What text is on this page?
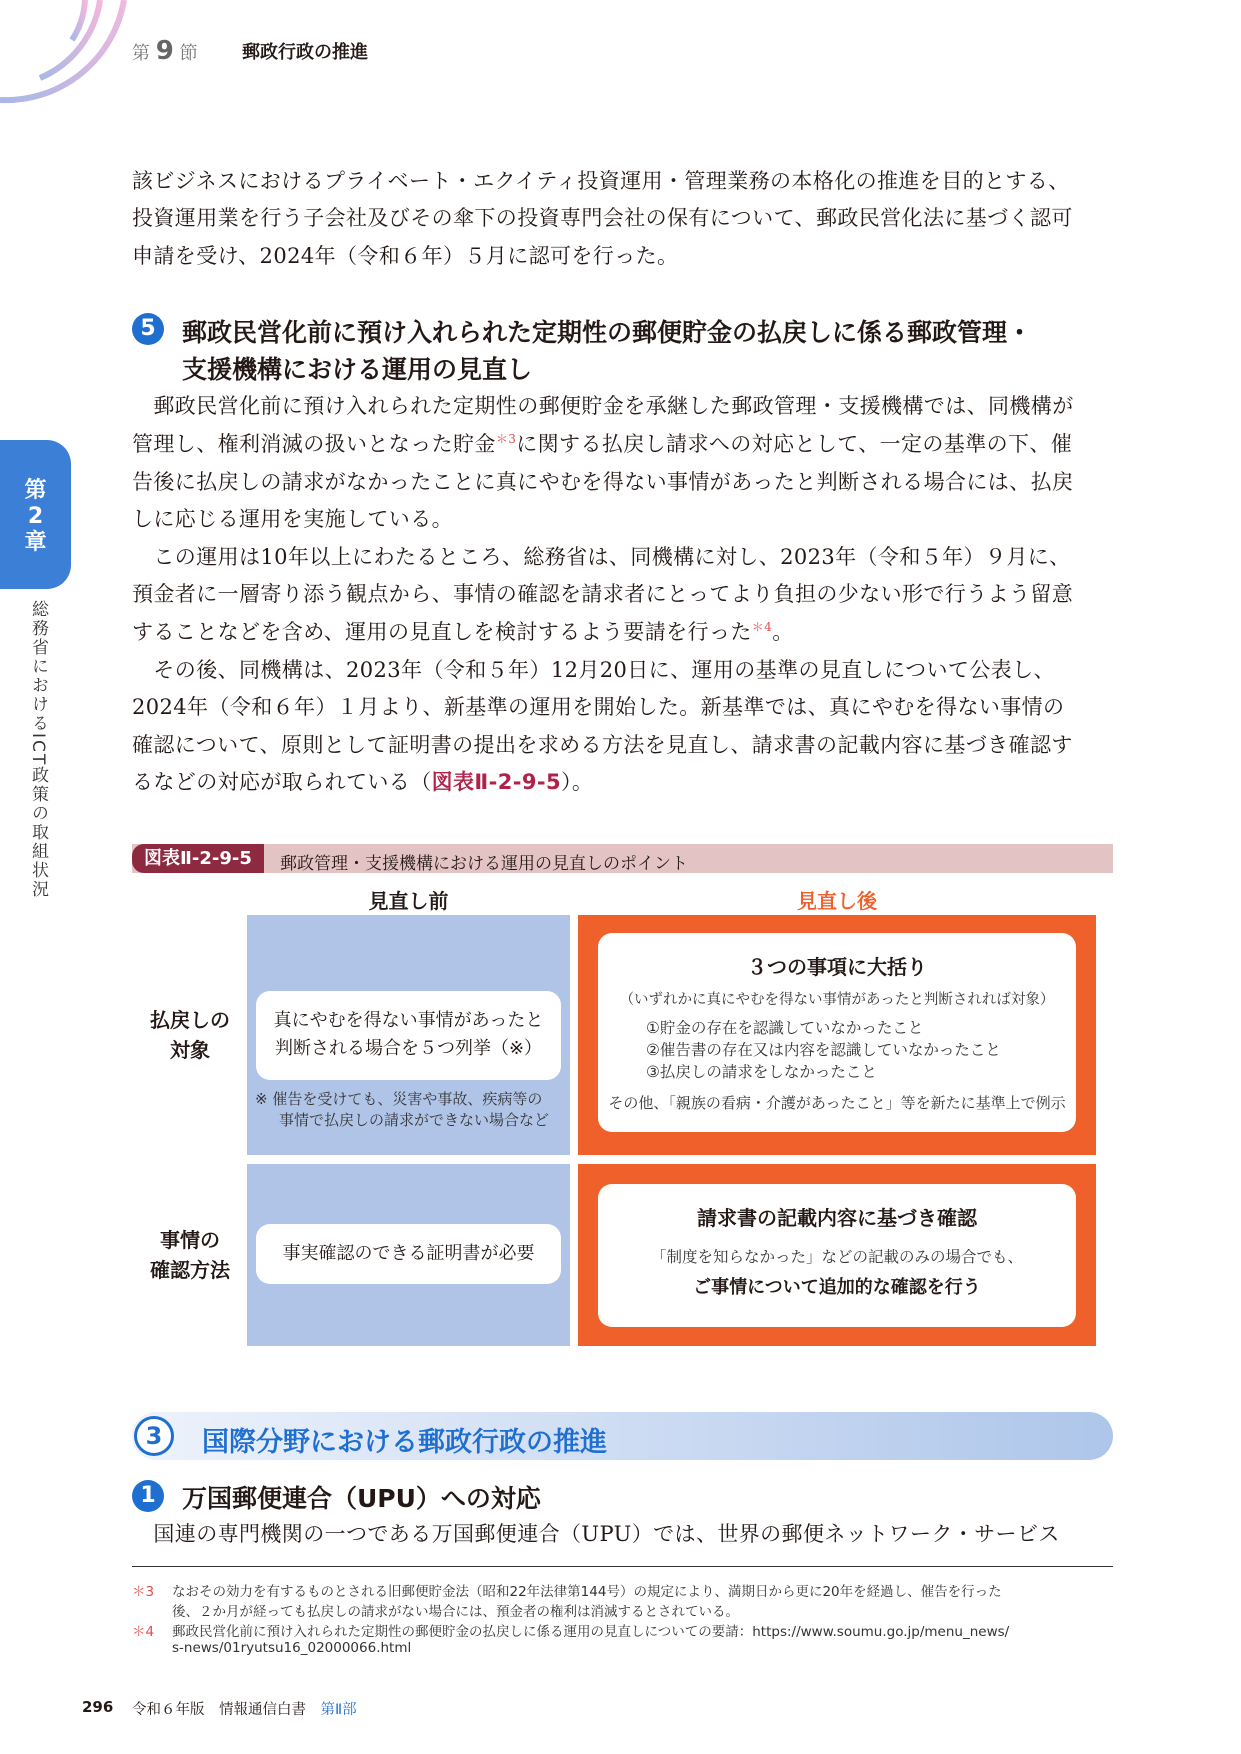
第 9 節 郵政行政の推進
該ビジネスにおけるプライベート・エクイティ投資運用・管理業務の本格化の推進を目的とする、
投資運用業を行う子会社及びその傘下の投資専門会社の保有について、郵政民営化法に基づく認可
申請を受け、2024年（令和６年）５月に認可を行った。
5	郵政民営化前に預け入れられた定期性の郵便貯金の払戻しに係る郵政管理・
支援機構における運用の見直し
　郵政民営化前に預け入れられた定期性の郵便貯金を承継した郵政管理・支援機構では、同機構が
管理し、権利消滅の扱いとなった貯金$^{*3}$に関する払戻し請求への対応として、一定の基準の下、催
告後に払戻しの請求がなかったことに真にやむを得ない事情があったと判断される場合には、払戻
しに応じる運用を実施している。
　この運用は10年以上にわたるところ、総務省は、同機構に対し、2023年（令和５年）９月に、
預金者に一層寄り添う観点から、事情の確認を請求者にとってより負担の少ない形で行うよう留意
することなどを含め、運用の見直しを検討するよう要請を行った$^{*4}$。
　その後、同機構は、2023年（令和５年）12月20日に、運用の基準の見直しについて公表し、
2024年（令和６年）１月より、新基準の運用を開始した。新基準では、真にやむを得ない事情の
確認について、原則として証明書の提出を求める方法を見直し、請求書の記載内容に基づき確認す
るなどの対応が取られている（図表Ⅱ-2-9-5）。
第
2
章
総務省におけるICT政策の取組状況	図表Ⅱ-2-9-5	郵政管理・支援機構における運用の見直しのポイント
見直し前	見直し後
払戻しの
対象
事情の
確認方法
真にやむを得ない事情があったと
判断される場合を５つ列挙（※）
※ 催告を受けても、災害や事故、疾病等の
事情で払戻しの請求ができない場合など
３つの事項に大括り
（いずれかに真にやむを得ない事情があったと判断されれば対象）
①貯金の存在を認識していなかったこと
②催告書の存在又は内容を認識していなかったこと
③払戻しの請求をしなかったこと
その他、「親族の看病・介護があったこと」等を新たに基準上で例示
事実確認のできる証明書が必要
請求書の記載内容に基づき確認
「制度を知らなかった」などの記載のみの場合でも、
ご事情について追加的な確認を行う
3	国際分野における郵政行政の推進
1	万国郵便連合（UPU）への対応
　国連の専門機関の一つである万国郵便連合（UPU）では、世界の郵便ネットワーク・サービス
＊3 なおその効力を有するものとされる旧郵便貯金法（昭和22年法律第144号）の規定により、満期日から更に20年を経過し、催告を行った
後、２か月が経っても払戻しの請求がない場合には、預金者の権利は消滅するとされている。
＊4 郵政民営化前に預け入れられた定期性の郵便貯金の払戻しに係る運用の見直しについての要請：https://www.soumu.go.jp/menu_news/
s-news/01ryutsu16_02000066.html
296 令和６年版　情報通信白書　 第Ⅱ部
